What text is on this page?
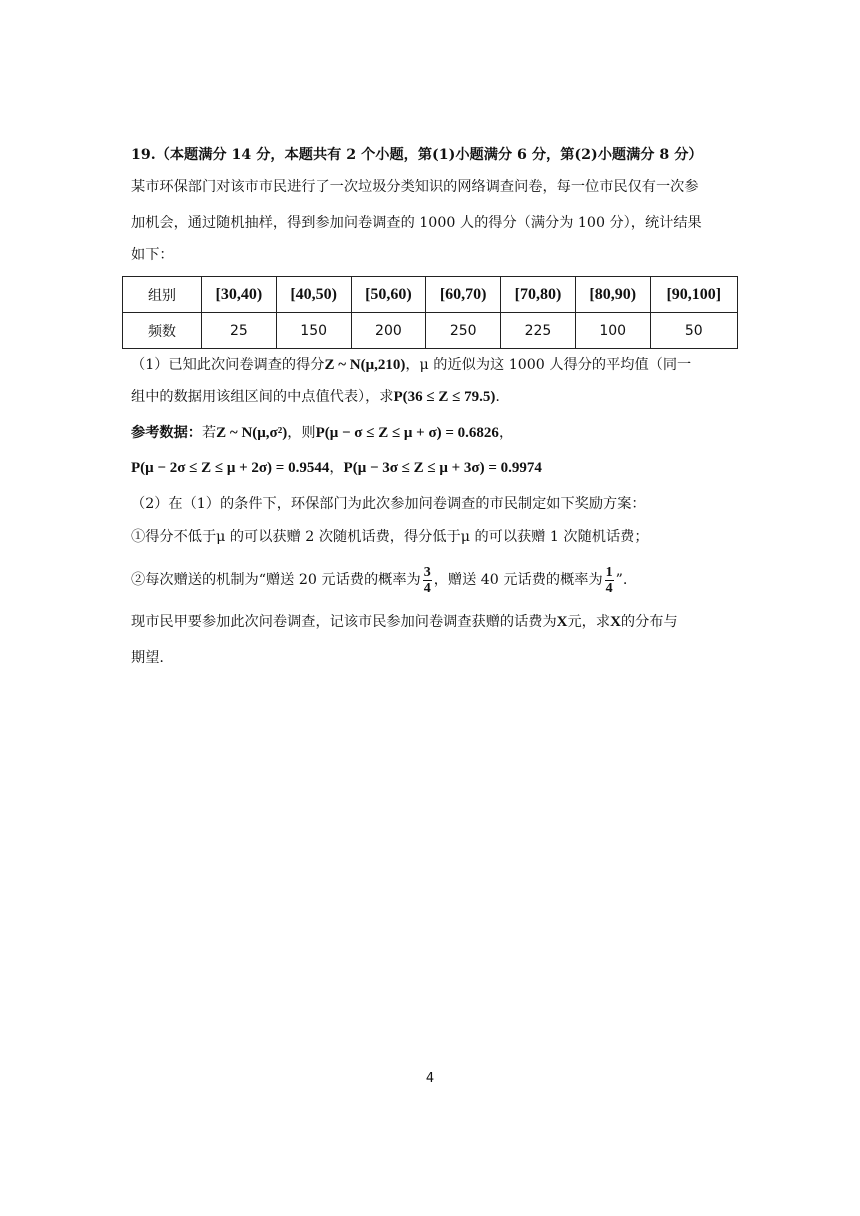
19.（本题满分 14 分，本题共有 2 个小题，第(1)小题满分 6 分，第(2)小题满分 8 分）
某市环保部门对该市市民进行了一次垃圾分类知识的网络调查问卷，每一位市民仅有一次参
加机会，通过随机抽样，得到参加问卷调查的 1000 人的得分（满分为 100 分），统计结果
如下：
组别	[30,40)	[40,50)	[50,60)	[60,70)	[70,80)	[80,90)	[90,100]
频数	25	150	200	250	225	100	50
（1）已知此次问卷调查的得分Z ~ N(μ,210)，μ 的近似为这 1000 人得分的平均值（同一
组中的数据用该组区间的中点值代表），求P(36 ≤ Z ≤ 79.5).
参考数据：若Z ~ N(μ,σ²)，则P(μ − σ ≤ Z ≤ μ + σ) = 0.6826，
P(μ − 2σ ≤ Z ≤ μ + 2σ) = 0.9544，P(μ − 3σ ≤ Z ≤ μ + 3σ) = 0.9974
（2）在（1）的条件下，环保部门为此次参加问卷调查的市民制定如下奖励方案：
①得分不低于μ 的可以获赠 2 次随机话费，得分低于μ 的可以获赠 1 次随机话费；
②每次赠送的机制为“赠送 20 元话费的概率为 $\frac{3}{4}$ ，赠送 40 元话费的概率为 $\frac{1}{4}$ ”.
现市民甲要参加此次问卷调查，记该市民参加问卷调查获赠的话费为X元，求X的分布与
期望.
4
